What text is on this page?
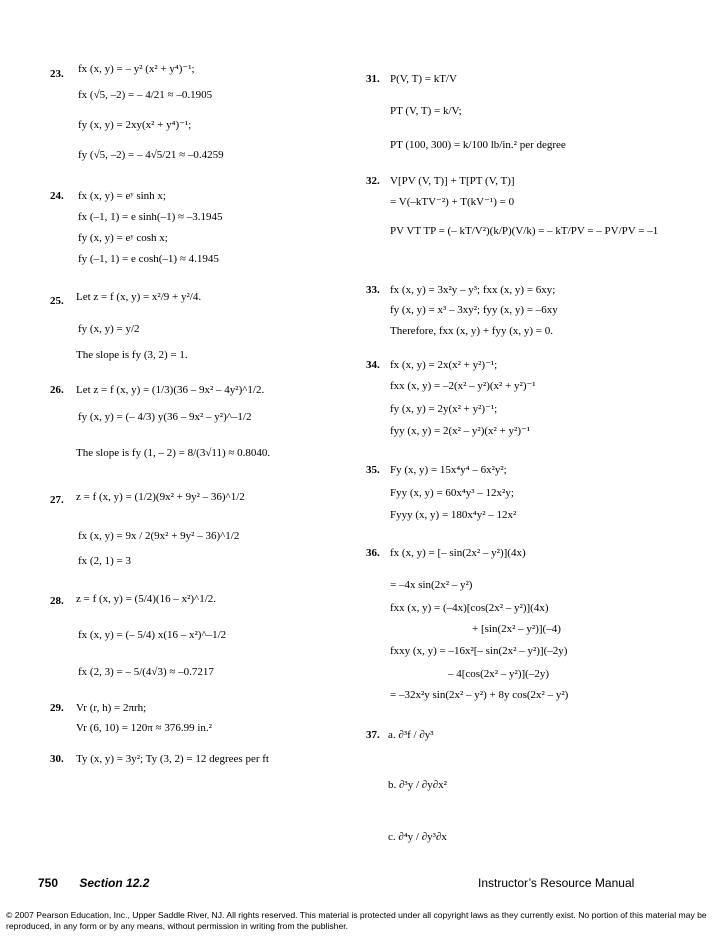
23. fx (x, y) = – y² (x² + y⁴)⁻¹;
fx (√5, –2) = – 4/21 ≈ –0.1905
fy (x, y) = 2xy(x² + y⁴)⁻¹;
fy (√5, –2) = – 4√5/21 ≈ –0.4259
24. fx (x, y) = eʸ sinh x;
fx (–1, 1) = e sinh(–1) ≈ –3.1945
fy (x, y) = eʸ cosh x;
fy (–1, 1) = e cosh(–1) ≈ 4.1945
25. Let z = f (x, y) = x²/9 + y²/4.
fy (x, y) = y/2
The slope is fy (3, 2) = 1.
26. Let z = f (x, y) = (1/3)(36 – 9x² – 4y²)^1/2.
fy (x, y) = (– 4/3) y(36 – 9x² – y²)^–1/2
The slope is fy (1, – 2) = 8/(3√11) ≈ 0.8040.
27. z = f (x, y) = (1/2)(9x² + 9y² – 36)^1/2
fx (x, y) = 9x / 2(9x² + 9y² – 36)^1/2
fx (2, 1) = 3
28. z = f (x, y) = (5/4)(16 – x²)^1/2.
fx (x, y) = (– 5/4) x(16 – x²)^–1/2
fx (2, 3) = – 5/(4√3) ≈ –0.7217
29. Vr (r, h) = 2πrh;
Vr (6, 10) = 120π ≈ 376.99 in.²
30. Ty (x, y) = 3y²; Ty (3, 2) = 12 degrees per ft
31. P(V, T) = kT/V
PT (V, T) = k/V;
PT (100, 300) = k/100 lb/in.² per degree
32. V[PV (V, T)] + T[PT (V, T)]
= V(–kTV⁻²) + T(kV⁻¹) = 0
PV VT TP = (– kT/V²)(k/P)(V/k) = – kT/PV = – PV/PV = –1
33. fx (x, y) = 3x²y – y³; fxx (x, y) = 6xy;
fy (x, y) = x³ – 3xy²; fyy (x, y) = –6xy
Therefore, fxx (x, y) + fyy (x, y) = 0.
34. fx (x, y) = 2x(x² + y²)⁻¹;
fxx (x, y) = –2(x² – y²)(x² + y²)⁻¹
fy (x, y) = 2y(x² + y²)⁻¹;
fyy (x, y) = 2(x² – y²)(x² + y²)⁻¹
35. Fy (x, y) = 15x⁴y⁴ – 6x²y²;
Fyy (x, y) = 60x⁴y³ – 12x²y;
Fyyy (x, y) = 180x⁴y² – 12x²
36. fx (x, y) = [– sin(2x² – y²)](4x)
= –4x sin(2x² – y²)
fxx (x, y) = (–4x)[cos(2x² – y²)](4x)
+ [sin(2x² – y²)](–4)
fxxy (x, y) = –16x²[– sin(2x² – y²)](–2y)
– 4[cos(2x² – y²)](–2y)
= –32x²y sin(2x² – y²) + 8y cos(2x² – y²)
37. a. ∂³f / ∂y³
b. ∂³y / ∂y∂x²
c. ∂⁴y / ∂y³∂x
750 Section 12.2	Instructor’s Resource Manual
© 2007 Pearson Education, Inc., Upper Saddle River, NJ. All rights reserved. This material is protected under all copyright laws as they currently exist. No portion of this material may be reproduced, in any form or by any means, without permission in writing from the publisher.
